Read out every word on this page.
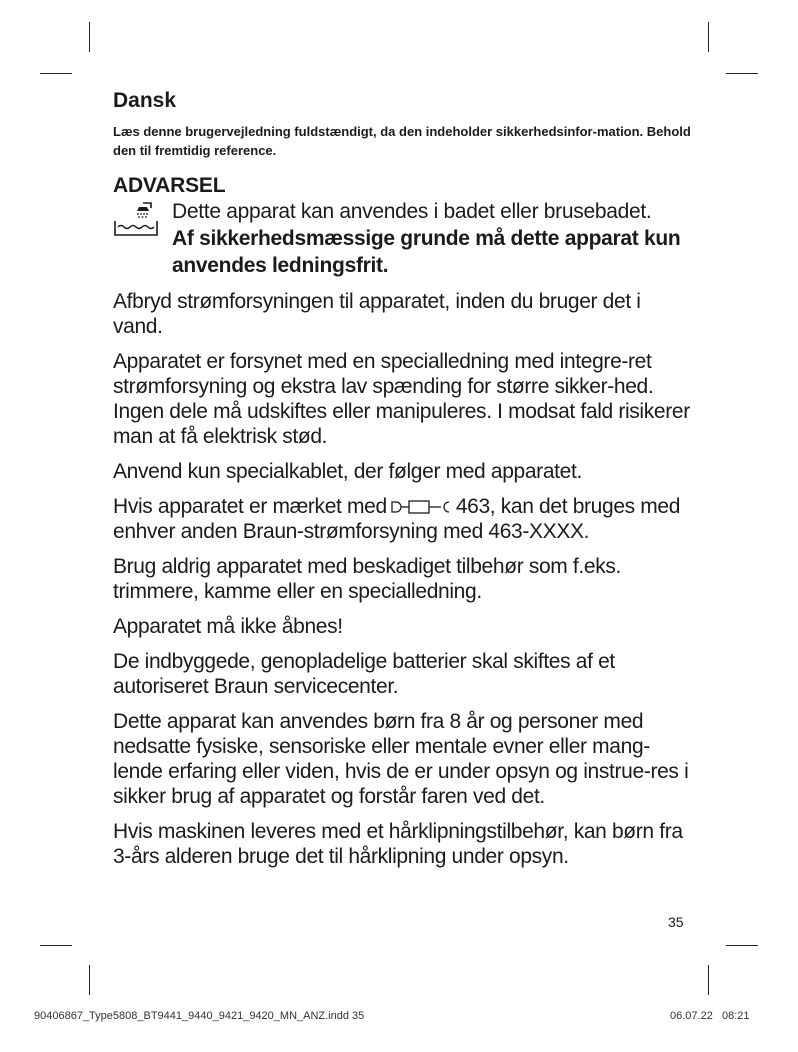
Dansk

Læs denne brugervejledning fuldstændigt, da den indeholder sikkerhedsinfor-mation. Behold den til fremtidig reference.

ADVARSEL
Dette apparat kan anvendes i badet eller brusebadet.
Af sikkerhedsmæssige grunde må dette apparat kun anvendes ledningsfrit.

Afbryd strømforsyningen til apparatet, inden du bruger det i vand.

Apparatet er forsynet med en specialledning med integre-ret strømforsyning og ekstra lav spænding for større sikker-hed. Ingen dele må udskiftes eller manipuleres. I modsat fald risikerer man at få elektrisk stød.

Anvend kun specialkablet, der følger med apparatet.

Hvis apparatet er mærket med	463, kan det bruges med enhver anden Braun-strømforsyning med 463-XXXX.

Brug aldrig apparatet med beskadiget tilbehør som f.eks. trimmere, kamme eller en specialledning.

Apparatet må ikke åbnes!

De indbyggede, genopladelige batterier skal skiftes af et autoriseret Braun servicecenter.

Dette apparat kan anvendes børn fra 8 år og personer med nedsatte fysiske, sensoriske eller mentale evner eller mang-lende erfaring eller viden, hvis de er under opsyn og instrue-res i sikker brug af apparatet og forstår faren ved det.

Hvis maskinen leveres med et hårklipningstilbehør, kan børn fra 3-års alderen bruge det til hårklipning under opsyn.

35
90406867_Type5808_BT9441_9440_9421_9420_MN_ANZ.indd 35	06.07.22   08:21
